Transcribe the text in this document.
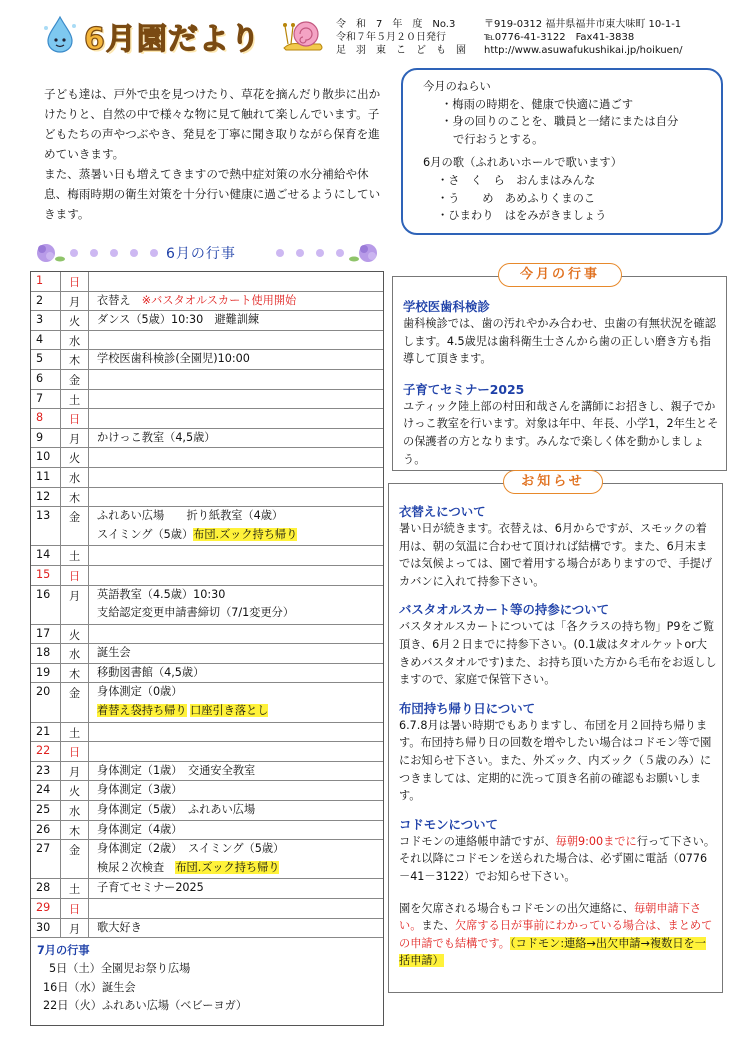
6月園だより	令　和　7　年　度　No.3
令和７年５月２０日発行
足　羽　東　こ　ど　も　園
〒919-0312 福井県福井市東大味町 10-1-1
℡0776-41-3122　Fax41-3838
http://www.asuwafukushikai.jp/hoikuen/

子ども達は、戸外で虫を見つけたり、草花を摘んだり散歩に出かけたりと、自然の中で様々な物に見て触れて楽しんでいます。子どもたちの声やつぶやき、発見を丁寧に聞き取りながら保育を進めていきます。

また、蒸暑い日も増えてきますので熱中症対策の水分補給や休息、梅雨時期の衛生対策を十分行い健康に過ごせるようにしていきます。

今月のねらい
・梅雨の時期を、健康で快適に過ごす
・身の回りのことを、職員と一緒にまたは自分
で行おうとする。
6月の歌（ふれあいホールで歌います）
・さ　く　ら　おんまはみんな
・う　　め　あめふりくまのこ
・ひまわり　はをみがきましょう
6月の行事
1	日
2	月	衣替え　※バスタオルスカート使用開始
3	火	ダンス（5歳）10:30　避難訓練
4	水
5	木	学校医歯科検診(全園児)10:00
6	金
7	土
8	日
9	月	かけっこ教室（4,5歳）
10	火
11	水
12	木
13	金	ふれあい広場　　折り紙教室（4歳）
スイミング（5歳）布団.ズック持ち帰り
14	土
15	日
16	月	英語教室（4.5歳）10:30
支給認定変更申請書締切（7/1変更分）
17	火
18	水	誕生会
19	木	移動図書館（4,5歳）
20	金	身体測定（0歳）
着替え袋持ち帰り 口座引き落とし
21	土
22	日
23	月	身体測定（1歳）　交通安全教室
24	火	身体測定（3歳）
25	水	身体測定（5歳）　ふれあい広場
26	木	身体測定（4歳）
27	金	身体測定（2歳）　スイミング（5歳）
検尿２次検査　布団.ズック持ち帰り
28	土	子育てセミナー2025
29	日
30	月	歌大好き
7月の行事
5日（土）全園児お祭り広場
16日（水）誕生会
22日（火）ふれあい広場（ベビーヨガ）
今月の行事
学校医歯科検診
歯科検診では、歯の汚れやかみ合わせ、虫歯の有無状況を確認します。4.5歳児は歯科衛生士さんから歯の正しい磨き方も指導して頂きます。
子育てセミナー2025
ユティック陸上部の村田和哉さんを講師にお招きし、親子でかけっこ教室を行います。対象は年中、年長、小学1，2年生とその保護者の方となります。みんなで楽しく体を動かしましょう。
お知らせ
衣替えについて
暑い日が続きます。衣替えは、6月からですが、スモックの着用は、朝の気温に合わせて頂ければ結構です。また、6月末までは気候よっては、園で着用する場合がありますので、手提げカバンに入れて持参下さい。
バスタオルスカート等の持参について
バスタオルスカートについては「各クラスの持ち物」P9をご覧頂き、6月２日までに持参下さい。(0.1歳はタオルケットor大きめバスタオルです)また、お持ち頂いた方から毛布をお返ししますので、家庭で保管下さい。
布団持ち帰り日について
6.7.8月は暑い時期でもありますし、布団を月２回持ち帰ります。布団持ち帰り日の回数を増やしたい場合はコドモン等で園にお知らせ下さい。また、外ズック、内ズック（５歳のみ）につきましては、定期的に洗って頂き名前の確認もお願いします。
コドモンについて
コドモンの連絡帳申請ですが、毎朝9:00までに行って下さい。それ以降にコドモンを送られた場合は、必ず園に電話（0776－41－3122）でお知らせ下さい。
園を欠席される場合もコドモンの出欠連絡に、毎朝申請下さい。また、欠席する日が事前にわかっている場合は、まとめての申請でも結構です。（コドモン:連絡→出欠申請→複数日を一括申請）
